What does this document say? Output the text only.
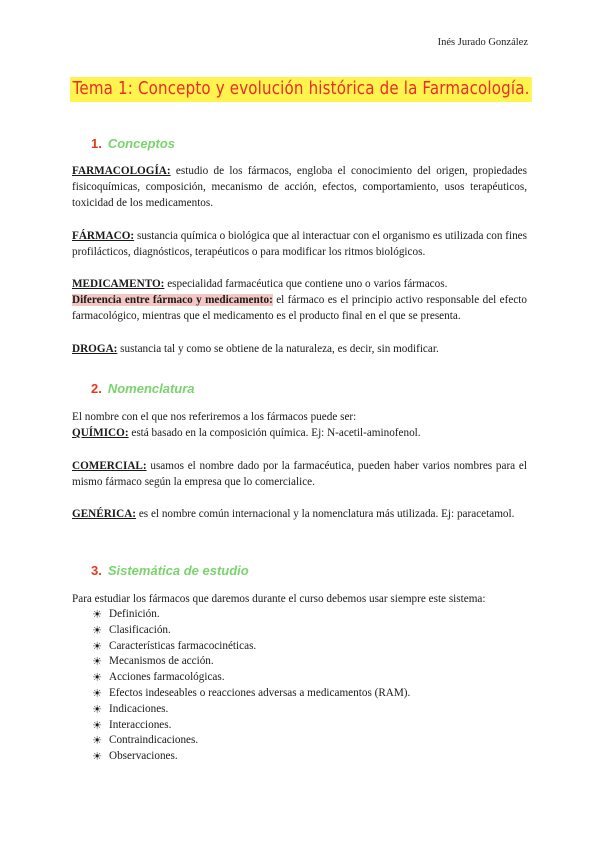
Inés Jurado González
Tema 1: Concepto y evolución histórica de la Farmacología.
1. Conceptos
FARMACOLOGÍA: estudio de los fármacos, engloba el conocimiento del origen, propiedades fisicoquímicas, composición, mecanismo de acción, efectos, comportamiento, usos terapéuticos, toxicidad de los medicamentos.
FÁRMACO: sustancia química o biológica que al interactuar con el organismo es utilizada con fines profilácticos, diagnósticos, terapéuticos o para modificar los ritmos biológicos.
MEDICAMENTO: especialidad farmacéutica que contiene uno o varios fármacos.
Diferencia entre fármaco y medicamento: el fármaco es el principio activo responsable del efecto farmacológico, mientras que el medicamento es el producto final en el que se presenta.
DROGA: sustancia tal y como se obtiene de la naturaleza, es decir, sin modificar.
2. Nomenclatura
El nombre con el que nos referiremos a los fármacos puede ser:
QUÍMICO: está basado en la composición química. Ej: N-acetil-aminofenol.
COMERCIAL: usamos el nombre dado por la farmacéutica, pueden haber varios nombres para el mismo fármaco según la empresa que lo comercialice.
GENÉRICA: es el nombre común internacional y la nomenclatura más utilizada. Ej: paracetamol.
3. Sistemática de estudio
Para estudiar los fármacos que daremos durante el curso debemos usar siempre este sistema:
☀ Definición.
☀ Clasificación.
☀ Características farmacocinéticas.
☀ Mecanismos de acción.
☀ Acciones farmacológicas.
☀ Efectos indeseables o reacciones adversas a medicamentos (RAM).
☀ Indicaciones.
☀ Interacciones.
☀ Contraindicaciones.
☀ Observaciones.
